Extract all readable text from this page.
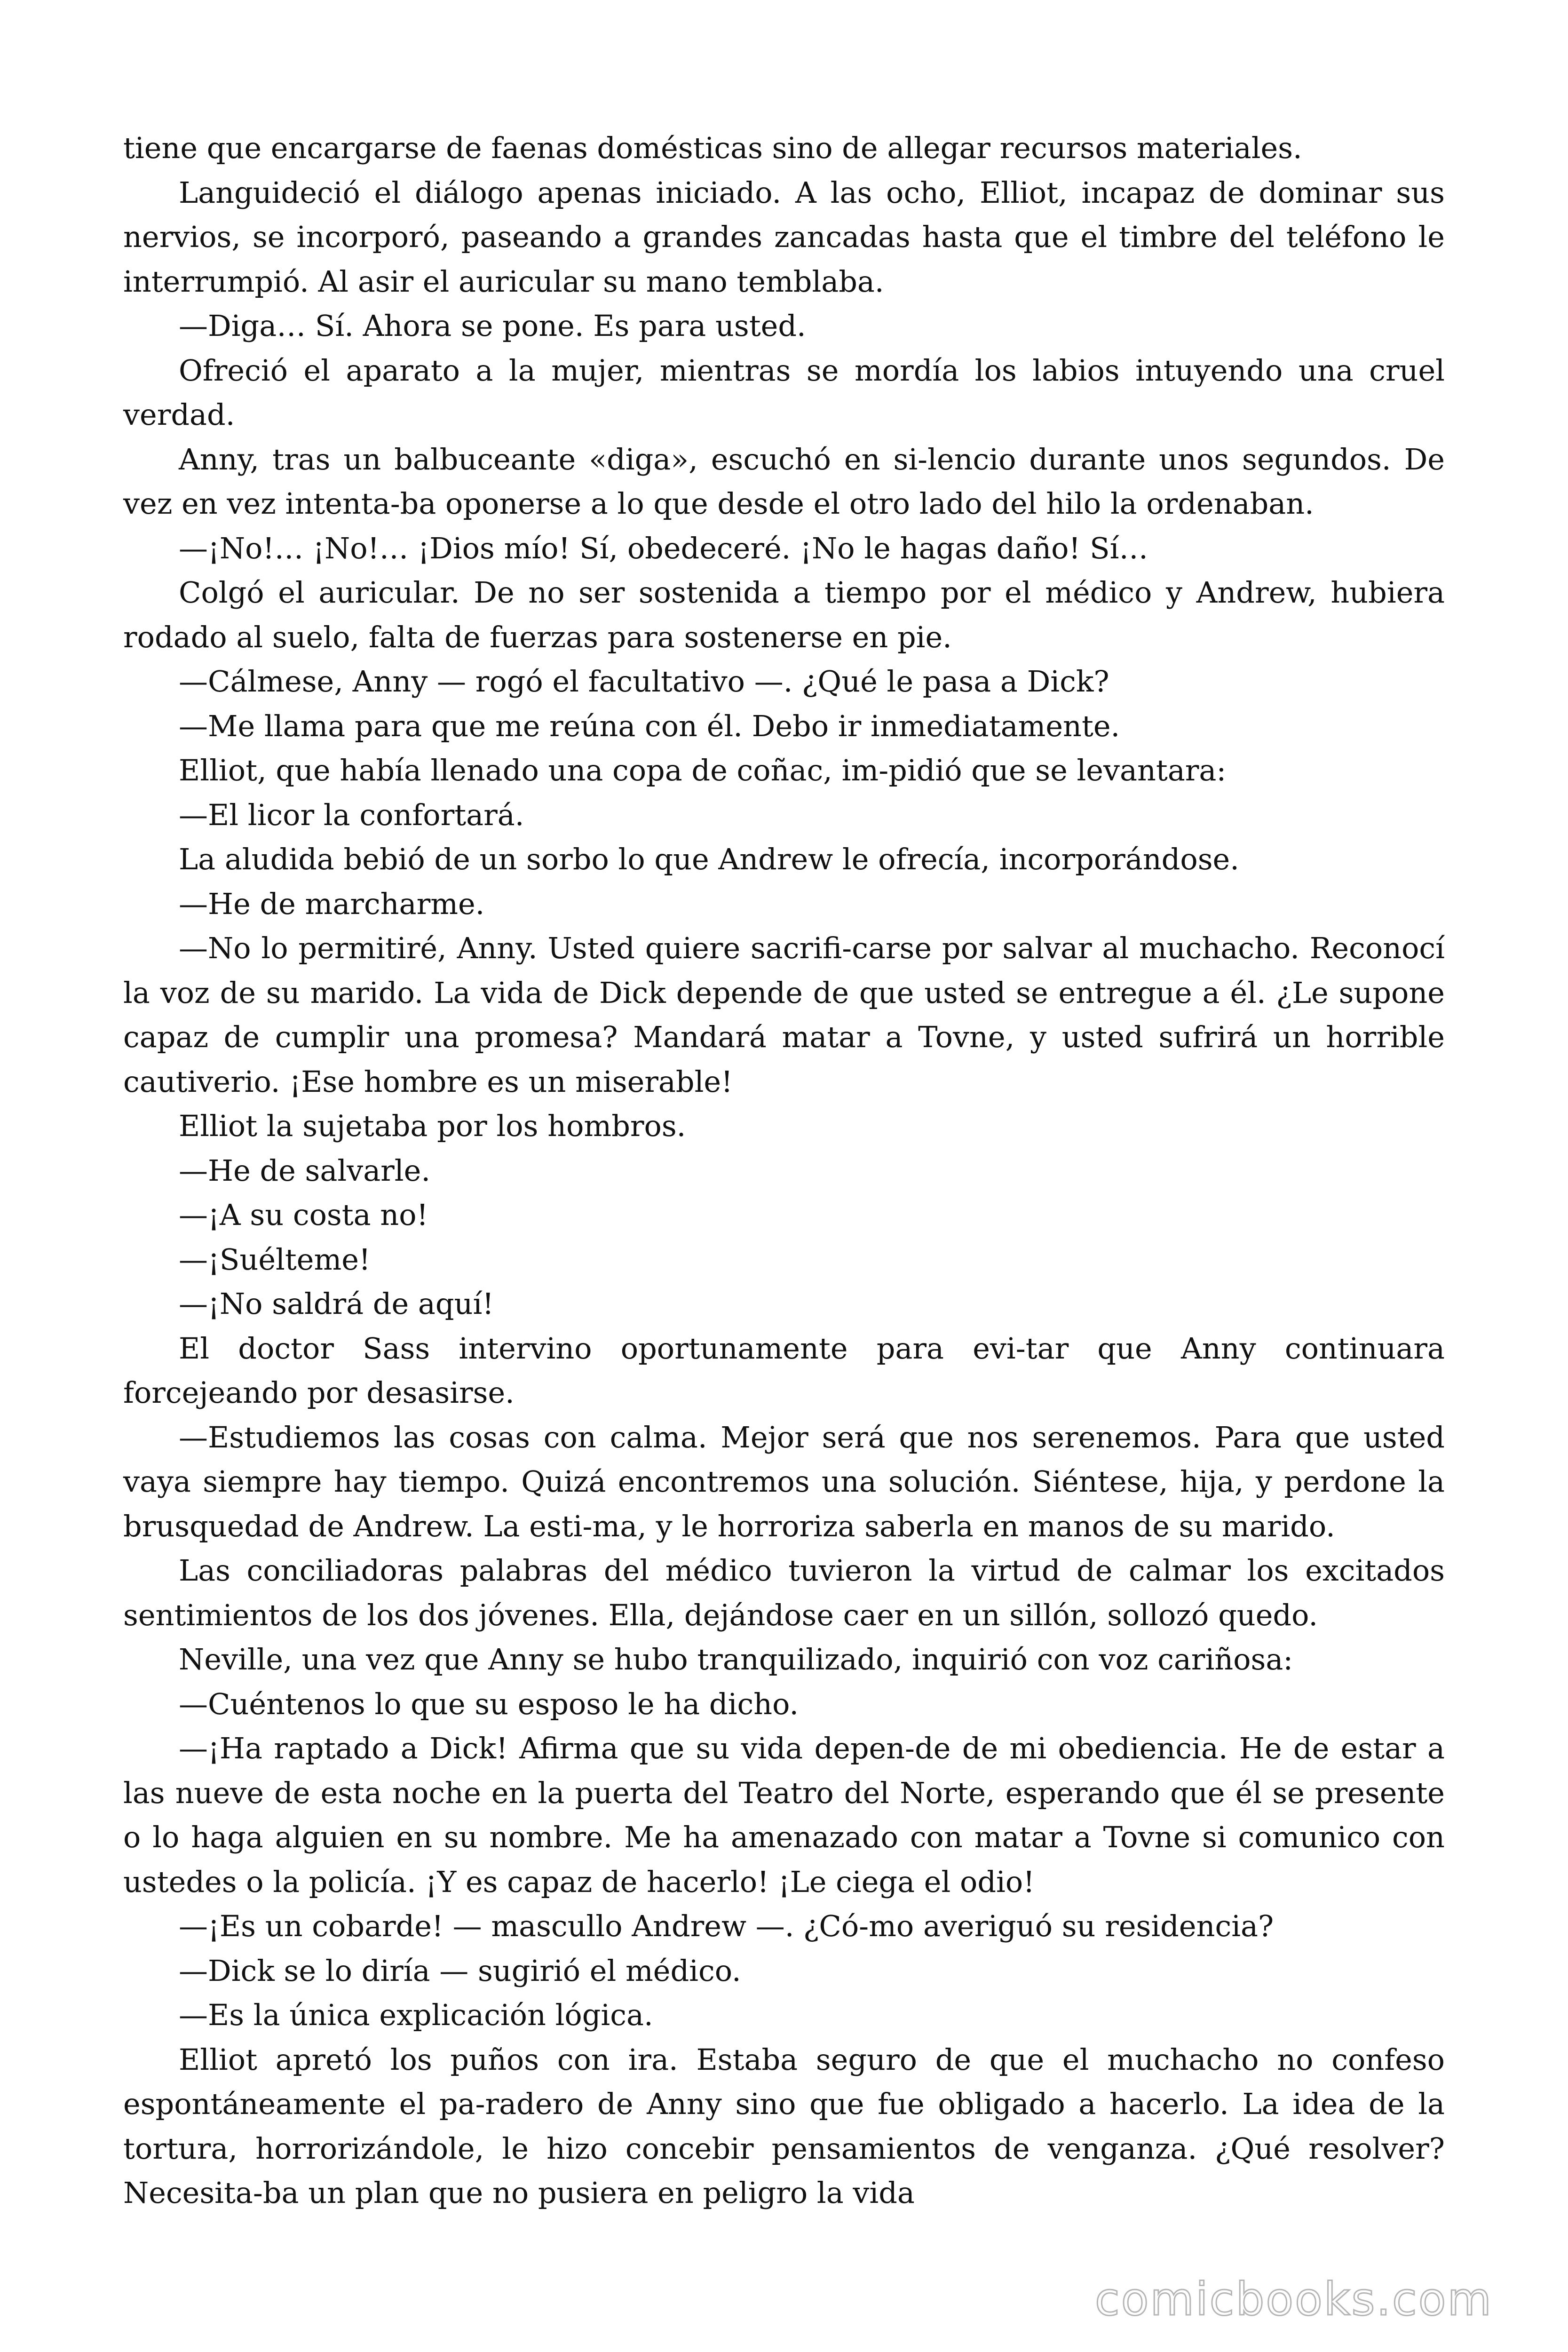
tiene que encargarse de faenas domésticas sino de allegar recursos materiales.

Languideció el diálogo apenas iniciado. A las ocho, Elliot, incapaz de dominar sus nervios, se incorporó, paseando a grandes zancadas hasta que el timbre del teléfono le interrumpió. Al asir el auricular su mano temblaba.

—Diga… Sí. Ahora se pone. Es para usted.

Ofreció el aparato a la mujer, mientras se mordía los labios intuyendo una cruel verdad.

Anny, tras un balbuceante «diga», escuchó en si-lencio durante unos segundos. De vez en vez intenta-ba oponerse a lo que desde el otro lado del hilo la ordenaban.

—¡No!… ¡No!… ¡Dios mío! Sí, obedeceré. ¡No le hagas daño! Sí…

Colgó el auricular. De no ser sostenida a tiempo por el médico y Andrew, hubiera rodado al suelo, falta de fuerzas para sostenerse en pie.

—Cálmese, Anny — rogó el facultativo —. ¿Qué le pasa a Dick?

—Me llama para que me reúna con él. Debo ir inmediatamente.

Elliot, que había llenado una copa de coñac, im-pidió que se levantara:

—El licor la confortará.

La aludida bebió de un sorbo lo que Andrew le ofrecía, incorporándose.

—He de marcharme.

—No lo permitiré, Anny. Usted quiere sacrifi-carse por salvar al muchacho. Reconocí la voz de su marido. La vida de Dick depende de que usted se entregue a él. ¿Le supone capaz de cumplir una promesa? Mandará matar a Tovne, y usted sufrirá un horrible cautiverio. ¡Ese hombre es un miserable!

Elliot la sujetaba por los hombros.

—He de salvarle.

—¡A su costa no!

—¡Suélteme!

—¡No saldrá de aquí!

El doctor Sass intervino oportunamente para evi-tar que Anny continuara forcejeando por desasirse.

—Estudiemos las cosas con calma. Mejor será que nos serenemos. Para que usted vaya siempre hay tiempo. Quizá encontremos una solución. Siéntese, hija, y perdone la brusquedad de Andrew. La esti-ma, y le horroriza saberla en manos de su marido.

Las conciliadoras palabras del médico tuvieron la virtud de calmar los excitados sentimientos de los dos jóvenes. Ella, dejándose caer en un sillón, sollozó quedo.

Neville, una vez que Anny se hubo tranquilizado, inquirió con voz cariñosa:

—Cuéntenos lo que su esposo le ha dicho.

—¡Ha raptado a Dick! Afirma que su vida depen-de de mi obediencia. He de estar a las nueve de esta noche en la puerta del Teatro del Norte, esperando que él se presente o lo haga alguien en su nombre. Me ha amenazado con matar a Tovne si comunico con ustedes o la policía. ¡Y es capaz de hacerlo! ¡Le ciega el odio!

—¡Es un cobarde! — mascullo Andrew —. ¿Có-mo averiguó su residencia?

—Dick se lo diría — sugirió el médico.

—Es la única explicación lógica.

Elliot apretó los puños con ira. Estaba seguro de que el muchacho no confeso espontáneamente el pa-radero de Anny sino que fue obligado a hacerlo. La idea de la tortura, horrorizándole, le hizo concebir pensamientos de venganza. ¿Qué resolver? Necesita-ba un plan que no pusiera en peligro la vida

comicbooks.com
